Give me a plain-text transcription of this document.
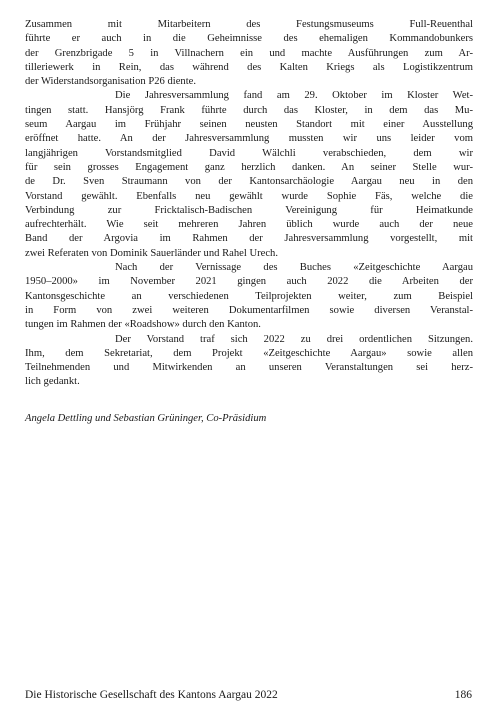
Zusammen mit Mitarbeitern des Festungsmuseums Full-Reuenthal
führte er auch in die Geheimnisse des ehemaligen Kommandobunkers
der Grenzbrigade 5 in Villnachern ein und machte Ausführungen zum Ar-
tilleriewerk in Rein, das während des Kalten Kriegs als Logistikzentrum
der Widerstandsorganisation P26 diente.
Die Jahresversammlung fand am 29. Oktober im Kloster Wet-
tingen statt. Hansjörg Frank führte durch das Kloster, in dem das Mu-
seum Aargau im Frühjahr seinen neusten Standort mit einer Ausstellung
eröffnet hatte. An der Jahresversammlung mussten wir uns leider vom
langjährigen Vorstandsmitglied David Wälchli verabschieden, dem wir
für sein grosses Engagement ganz herzlich danken. An seiner Stelle wur-
de Dr. Sven Straumann von der Kantonsarchäologie Aargau neu in den
Vorstand gewählt. Ebenfalls neu gewählt wurde Sophie Fäs, welche die
Verbindung zur Fricktalisch-Badischen Vereinigung für Heimatkunde
aufrechterhält. Wie seit mehreren Jahren üblich wurde auch der neue
Band der Argovia im Rahmen der Jahresversammlung vorgestellt, mit
zwei Referaten von Dominik Sauerländer und Rahel Urech.
Nach der Vernissage des Buches «Zeitgeschichte Aargau
1950–2000» im November 2021 gingen auch 2022 die Arbeiten der
Kantonsgeschichte an verschiedenen Teilprojekten weiter, zum Beispiel
in Form von zwei weiteren Dokumentarfilmen sowie diversen Veranstal-
tungen im Rahmen der «Roadshow» durch den Kanton.
Der Vorstand traf sich 2022 zu drei ordentlichen Sitzungen.
Ihm, dem Sekretariat, dem Projekt «Zeitgeschichte Aargau» sowie allen
Teilnehmenden und Mitwirkenden an unseren Veranstaltungen sei herz-
lich gedankt.
Angela Dettling und Sebastian Grüninger, Co-Präsidium
Die Historische Gesellschaft des Kantons Aargau 2022	186
